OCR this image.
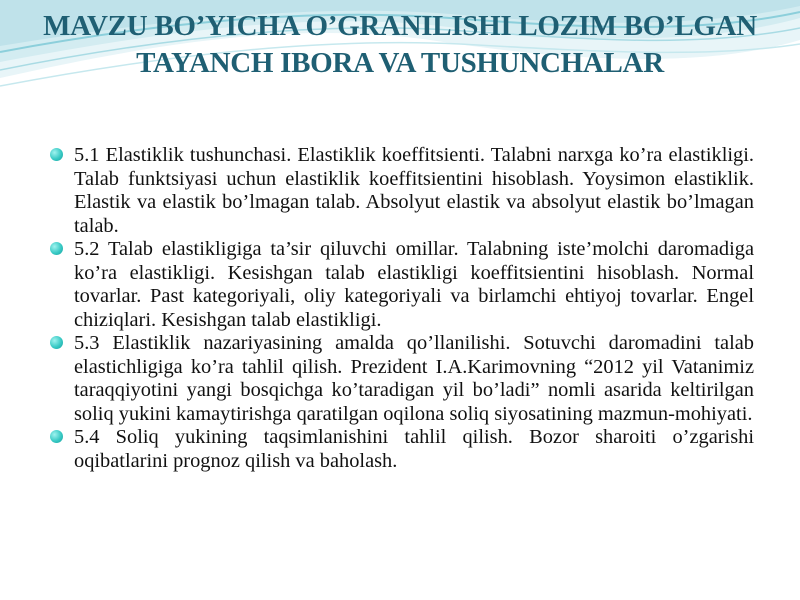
MAVZU BO’YICHA O’GRANILISHI LOZIM BO’LGAN TAYANCH IBORA VA TUSHUNCHALAR
5.1 Elastiklik tushunchasi. Elastiklik koeffitsienti. Talabni narxga ko’ra elastikligi. Talab funktsiyasi uchun elastiklik koeffitsientini hisoblash. Yoysimon elastiklik. Elastik va elastik bo’lmagan talab. Absolyut elastik va absolyut elastik bo’lmagan talab.
5.2 Talab elastikligiga ta’sir qiluvchi omillar. Talabning iste’molchi daromadiga ko’ra elastikligi. Kesishgan talab elastikligi koeffitsientini hisoblash. Normal tovarlar. Past kategoriyali, oliy kategoriyali va birlamchi ehtiyoj tovarlar. Engel chiziqlari. Kesishgan talab elastikligi.
5.3 Elastiklik nazariyasining amalda qo’llanilishi. Sotuvchi daromadini talab elastichligiga ko’ra tahlil qilish. Prezident I.A.Karimovning “2012 yil Vatanimiz taraqqiyotini yangi bosqichga ko’taradigan yil bo’ladi” nomli asarida keltirilgan soliq yukini kamaytirishga qaratilgan oqilona soliq siyosatining mazmun-mohiyati.
5.4 Soliq yukining taqsimlanishini tahlil qilish. Bozor sharoiti o’zgarishi oqibatlarini prognoz qilish va baholash.
